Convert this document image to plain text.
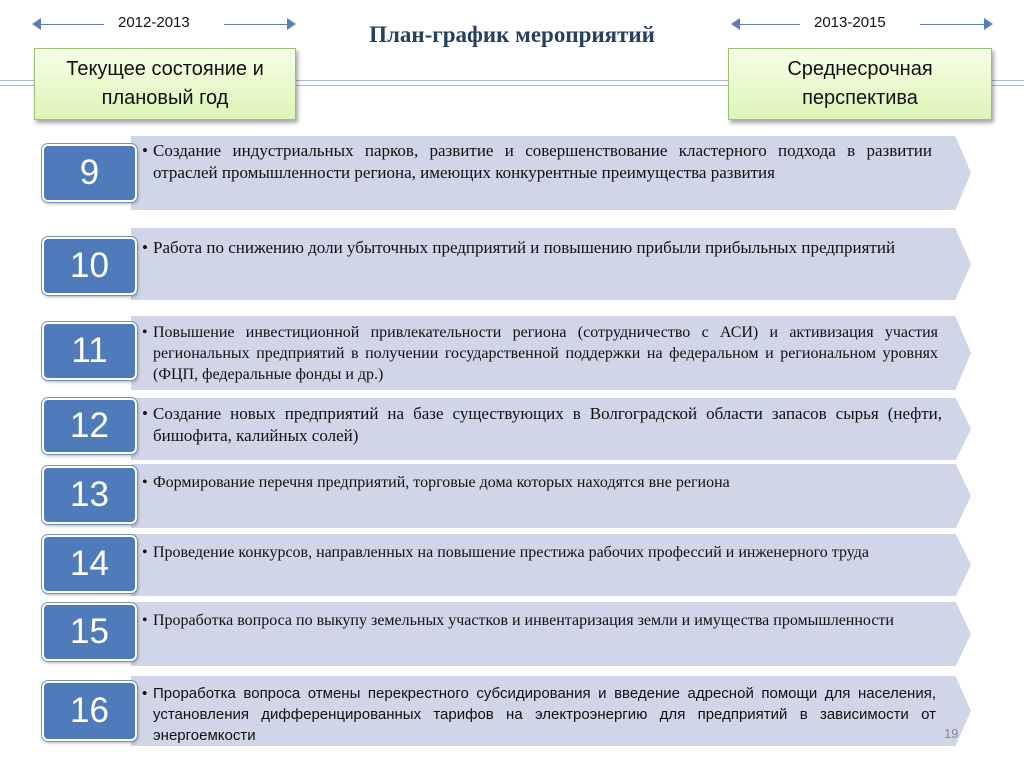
2012-2013	План-график мероприятий	2013-2015
Текущее состояние и
плановый год
Среднесрочная
перспектива
9
• Создание индустриальных парков, развитие и совершенствование кластерного подхода в развитии отраслей промышленности региона, имеющих конкурентные преимущества развития
10	• Работа по снижению доли убыточных предприятий и повышению прибыли прибыльных предприятий
11	• Повышение инвестиционной привлекательности региона (сотрудничество с АСИ) и активизация участия региональных предприятий в получении государственной поддержки на федеральном и региональном уровнях (ФЦП, федеральные фонды и др.)
12	• Создание новых предприятий на базе существующих в Волгоградской области запасов сырья (нефти, бишофита, калийных солей)
13	• Формирование перечня предприятий, торговые дома которых находятся вне региона
14	• Проведение конкурсов, направленных на повышение престижа рабочих профессий и инженерного труда
15	• Проработка вопроса по выкупу земельных участков и инвентаризация земли и имущества промышленности
16	• Проработка вопроса отмены перекрестного субсидирования и введение адресной помощи для населения, установления дифференцированных тарифов на электроэнергию для предприятий в зависимости от энергоемкости	19
